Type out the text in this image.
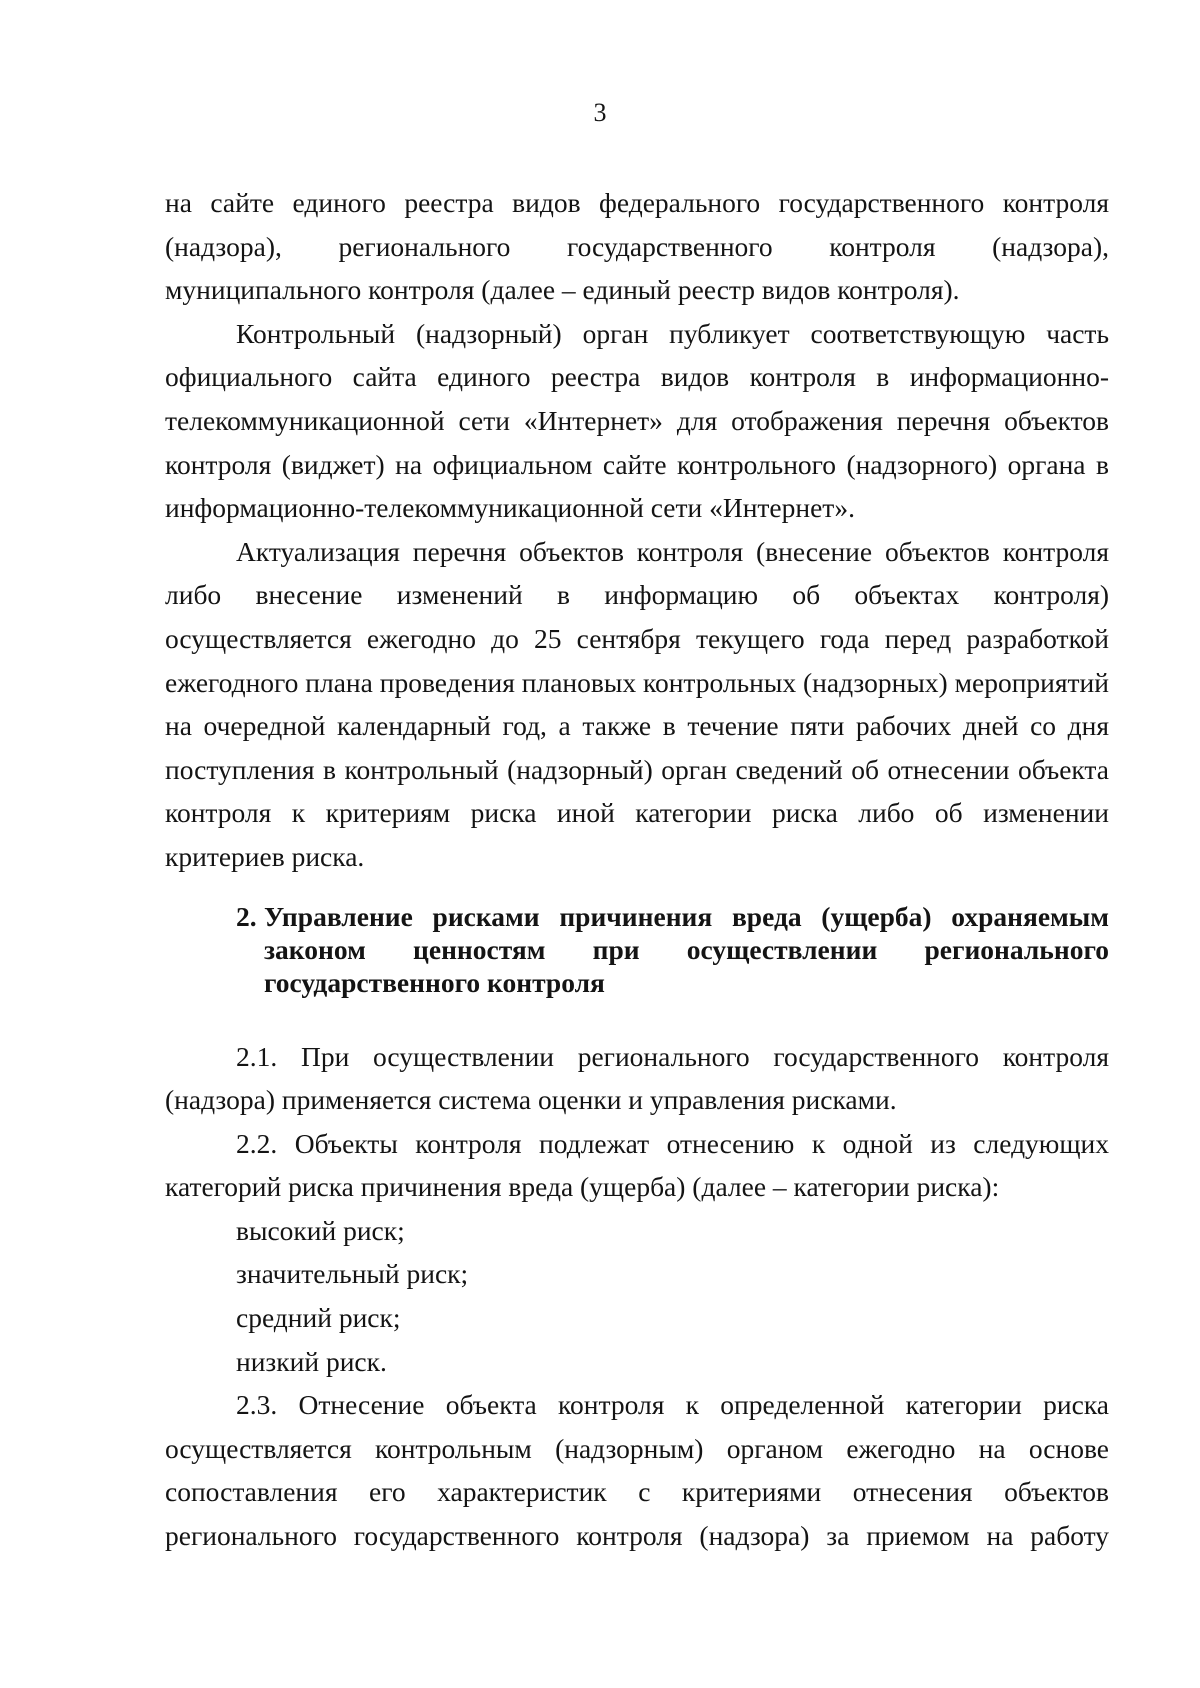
3

на сайте единого реестра видов федерального государственного контроля (надзора), регионального государственного контроля (надзора), муниципального контроля (далее – единый реестр видов контроля).

Контрольный (надзорный) орган публикует соответствующую часть официального сайта единого реестра видов контроля в информационно-телекоммуникационной сети «Интернет» для отображения перечня объектов контроля (виджет) на официальном сайте контрольного (надзорного) органа в информационно-телекоммуникационной сети «Интернет».

Актуализация перечня объектов контроля (внесение объектов контроля либо внесение изменений в информацию об объектах контроля) осуществляется ежегодно до 25 сентября текущего года перед разработкой ежегодного плана проведения плановых контрольных (надзорных) мероприятий на очередной календарный год, а также в течение пяти рабочих дней со дня поступления в контрольный (надзорный) орган сведений об отнесении объекта контроля к критериям риска иной категории риска либо об изменении критериев риска.

2. Управление рисками причинения вреда (ущерба) охраняемым законом ценностям при осуществлении регионального
государственного контроля

2.1. При осуществлении регионального государственного контроля (надзора) применяется система оценки и управления рисками.

2.2. Объекты контроля подлежат отнесению к одной из следующих категорий риска причинения вреда (ущерба) (далее – категории риска):

высокий риск;

значительный риск;

средний риск;

низкий риск.

2.3. Отнесение объекта контроля к определенной категории риска осуществляется контрольным (надзорным) органом ежегодно на основе сопоставления его характеристик с критериями отнесения объектов регионального государственного контроля (надзора) за приемом на работу
